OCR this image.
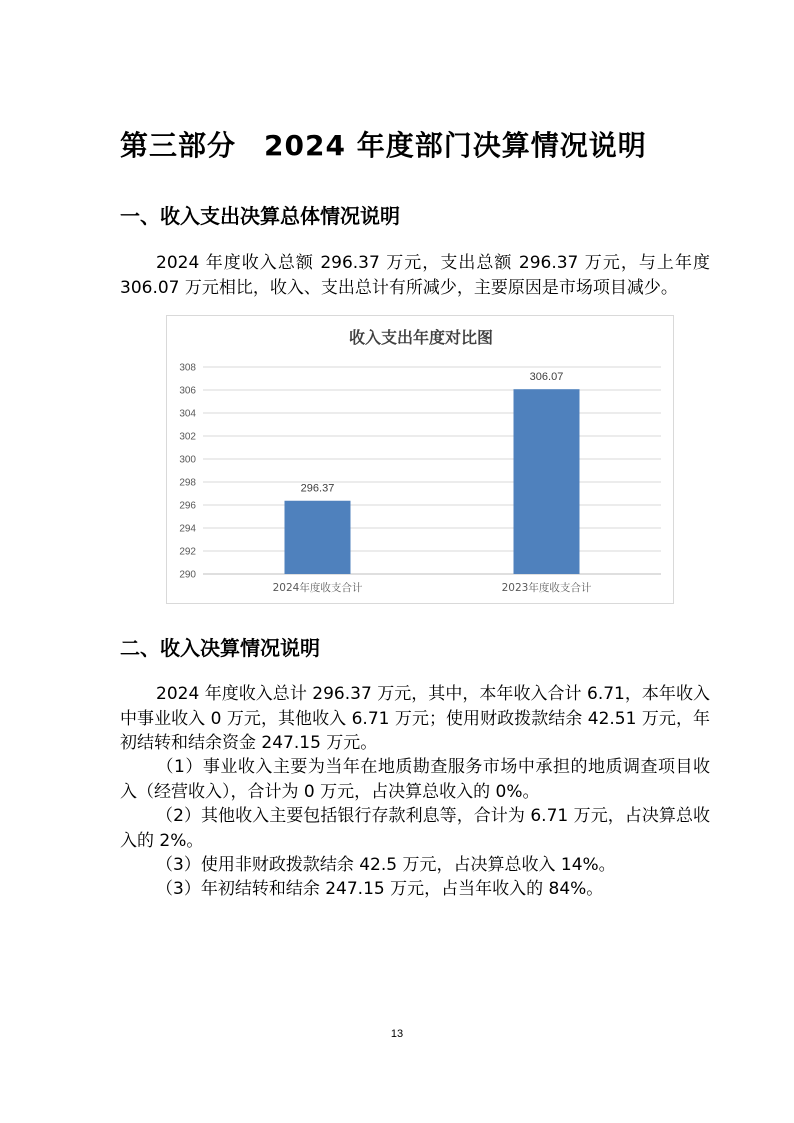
第三部分 2024 年度部门决算情况说明
一、收入支出决算总体情况说明
2024 年度收入总额 296.37 万元，支出总额 296.37 万元，与上年度 306.07 万元相比，收入、支出总计有所减少，主要原因是市场项目减少。
收入支出年度对比图
290
292
294
296
298
300
302
304
306
308
296.37
306.07
2024年度收支合计	2023年度收支合计
二、收入决算情况说明
2024 年度收入总计 296.37 万元，其中，本年收入合计 6.71，本年收入中事业收入 0 万元，其他收入 6.71 万元；使用财政拨款结余 42.51 万元，年初结转和结余资金 247.15 万元。
（1）事业收入主要为当年在地质勘查服务市场中承担的地质调查项目收入（经营收入），合计为 0 万元，占决算总收入的 0%。
（2）其他收入主要包括银行存款利息等，合计为 6.71 万元，占决算总收入的 2%。
（3）使用非财政拨款结余 42.5 万元，占决算总收入 14%。
（3）年初结转和结余 247.15 万元，占当年收入的 84%。
13
